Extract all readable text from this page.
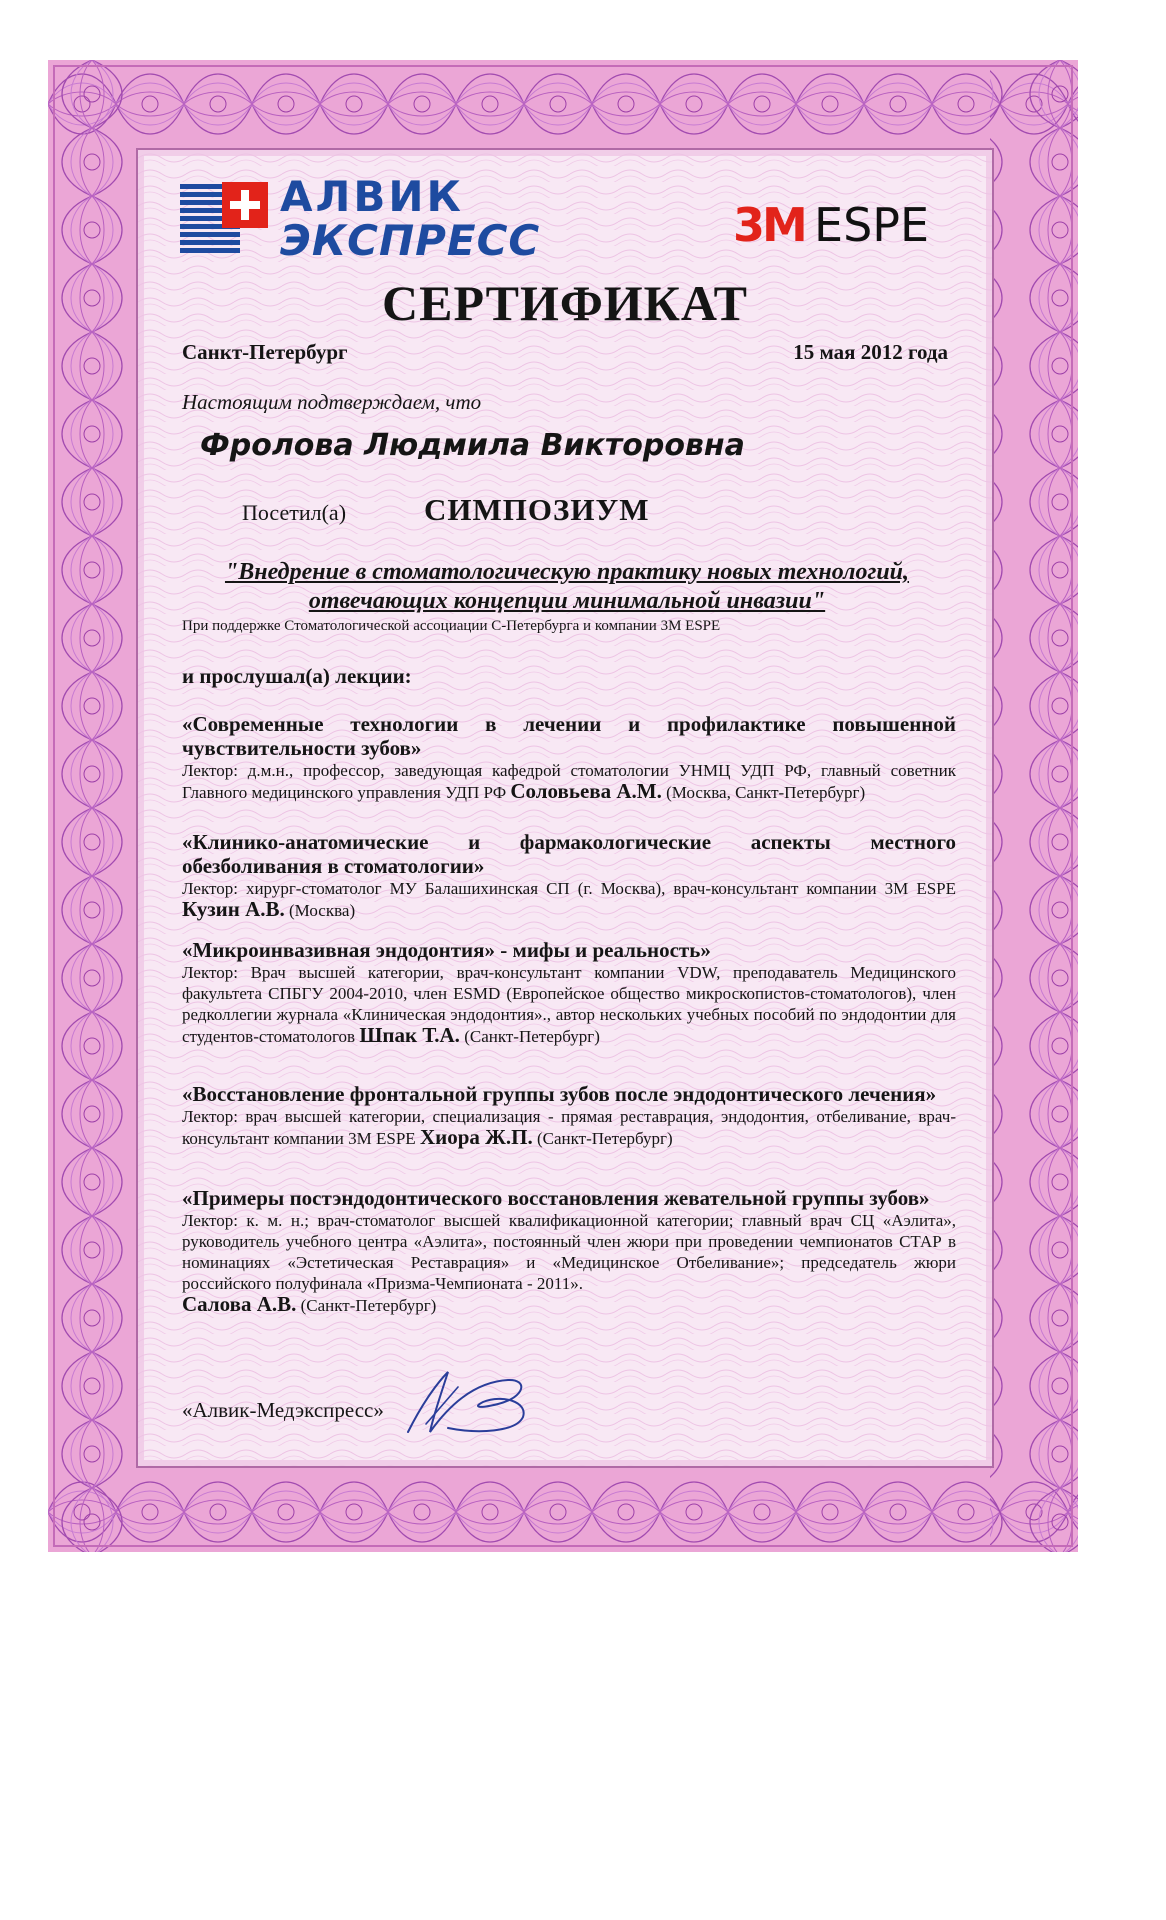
АЛВИК
ЭКСПРЕСС	3M ESPE
СЕРТИФИКАТ
Санкт-Петербург	15 мая 2012 года
Настоящим подтверждаем, что
Фролова Людмила Викторовна
Посетил(а)	СИМПОЗИУМ
"Внедрение в стоматологическую практику новых технологий,
отвечающих концепции минимальной инвазии"
При поддержке Стоматологической ассоциации С-Петербурга и компании 3M ESPE
и прослушал(а) лекции:
«Современные технологии в лечении и профилактике повышенной чувствительности зубов»
Лектор: д.м.н., профессор, заведующая кафедрой стоматологии УНМЦ УДП РФ, главный советник Главного медицинского управления УДП РФ Соловьева А.М. (Москва, Санкт-Петербург)
«Клинико-анатомические и фармакологические аспекты местного обезболивания в стоматологии»
Лектор: хирург-стоматолог МУ Балашихинская СП (г. Москва), врач-консультант компании 3M ESPE Кузин А.В. (Москва)
«Микроинвазивная эндодонтия» - мифы и реальность»
Лектор: Врач высшей категории, врач-консультант компании VDW, преподаватель Медицинского факультета СПБГУ 2004-2010, член ESMD (Европейское общество микроскопистов-стоматологов), член редколлегии журнала «Клиническая эндодонтия»., автор нескольких учебных пособий по эндодонтии для студентов-стоматологов Шпак Т.А. (Санкт-Петербург)
«Восстановление фронтальной группы зубов после эндодонтического лечения»
Лектор: врач высшей категории, специализация - прямая реставрация, эндодонтия, отбеливание, врач-консультант компании 3M ESPE Хиора Ж.П. (Санкт-Петербург)
«Примеры постэндодонтического восстановления жевательной группы зубов»
Лектор: к. м. н.; врач-стоматолог высшей квалификационной категории; главный врач СЦ «Аэлита», руководитель учебного центра «Аэлита», постоянный член жюри при проведении чемпионатов СТАР в номинациях «Эстетическая Реставрация» и «Медицинское Отбеливание»; председатель жюри российского полуфинала «Призма-Чемпионата - 2011».
Салова А.В. (Санкт-Петербург)
«Алвик-Медэкспресс»
